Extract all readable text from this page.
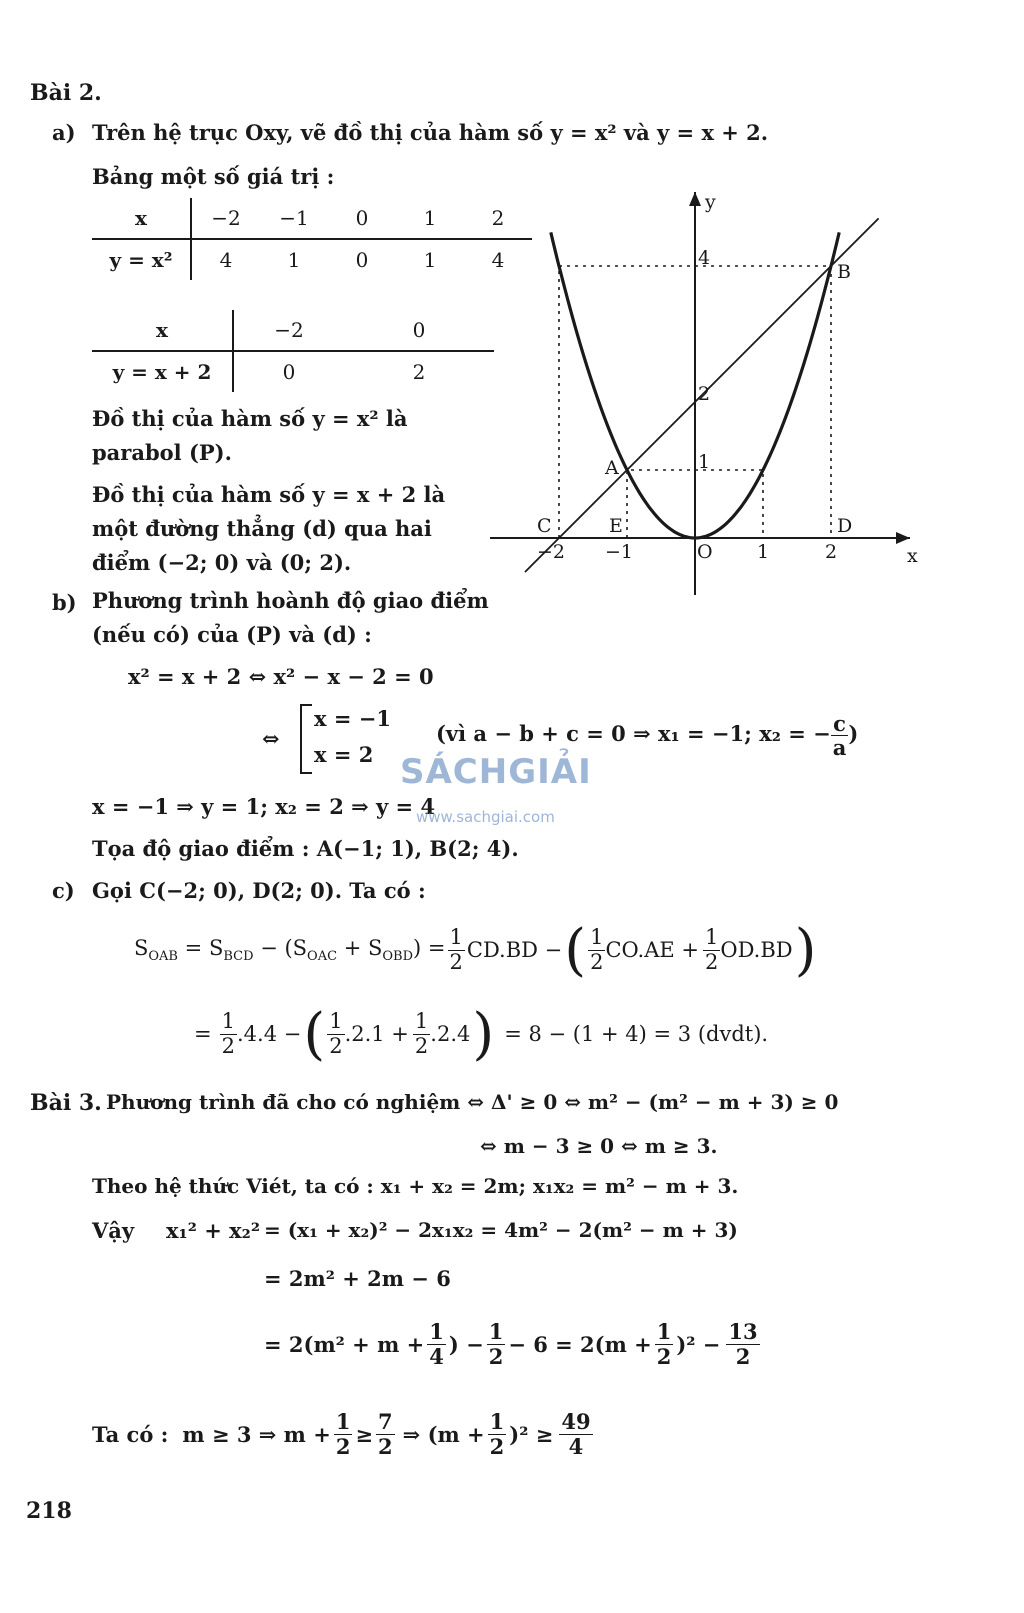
Bài 2.
a) Trên hệ trục Oxy, vẽ đồ thị của hàm số y = x² và y = x + 2.
Bảng một số giá trị :
x	−2	−1	0	1	2
y = x²	4	1	0	1	4
x	−2	0
y = x + 2	0	2
Đồ thị của hàm số y = x² là
parabol (P).
Đồ thị của hàm số y = x + 2 là
một đường thẳng (d) qua hai
điểm (−2; 0) và (0; 2).
b) Phương trình hoành độ giao điểm
(nếu có) của (P) và (d) :
x² = x + 2 ⇔ x² − x − 2 = 0
⇔
x = −1
x = 2
(vì a − b + c = 0 ⇒ x₁ = −1; x₂ = − $\frac{c}{a}$ )
x = −1 ⇒ y = 1; x₂ = 2 ⇒ y = 4
Tọa độ giao điểm : A(−1; 1), B(2; 4).
c) Gọi C(−2; 0), D(2; 0). Ta có :
$S_{OAB} = S_{BCD} - (S_{OAC} + S_{OBD}) = \frac{1}{2} CD.BD$ − ( $\frac{1}{2} CO.AE + \frac{1}{2} OD.BD$ )
= $\frac{1}{2} .4.4$ − ( $\frac{1}{2} .2.1 + \frac{1}{2} .2.4$ ) = 8 − (1 + 4) = 3 (dvdt).
y
x
−2 −1	1	2
4
2
1
O
A
B
C	D
E
SÁCHGIẢI
www.sachgiai.com
Bài 3. Phương trình đã cho có nghiệm ⇔ Δ' ≥ 0 ⇔ m² − (m² − m + 3) ≥ 0
⇔ m − 3 ≥ 0 ⇔ m ≥ 3.
Theo hệ thức Viét, ta có : x₁ + x₂ = 2m; x₁x₂ = m² − m + 3.
Vậy x₁² + x₂² = (x₁ + x₂)² − 2x₁x₂ = 4m² − 2(m² − m + 3)
= 2m² + 2m − 6
= $2(m^2 + m + \frac{1}{4}$ ) − $\frac{1}{2} - 6 = 2(m + \frac{1}{2} )^2 - \frac{13}{2}$
Ta có : m ≥ 3 ⇒ $m + \frac{1}{2} \ge \frac{7}{2}$ ⇒ $(m + \frac{1}{2} )^2 \ge \frac{49}{4}$
218
